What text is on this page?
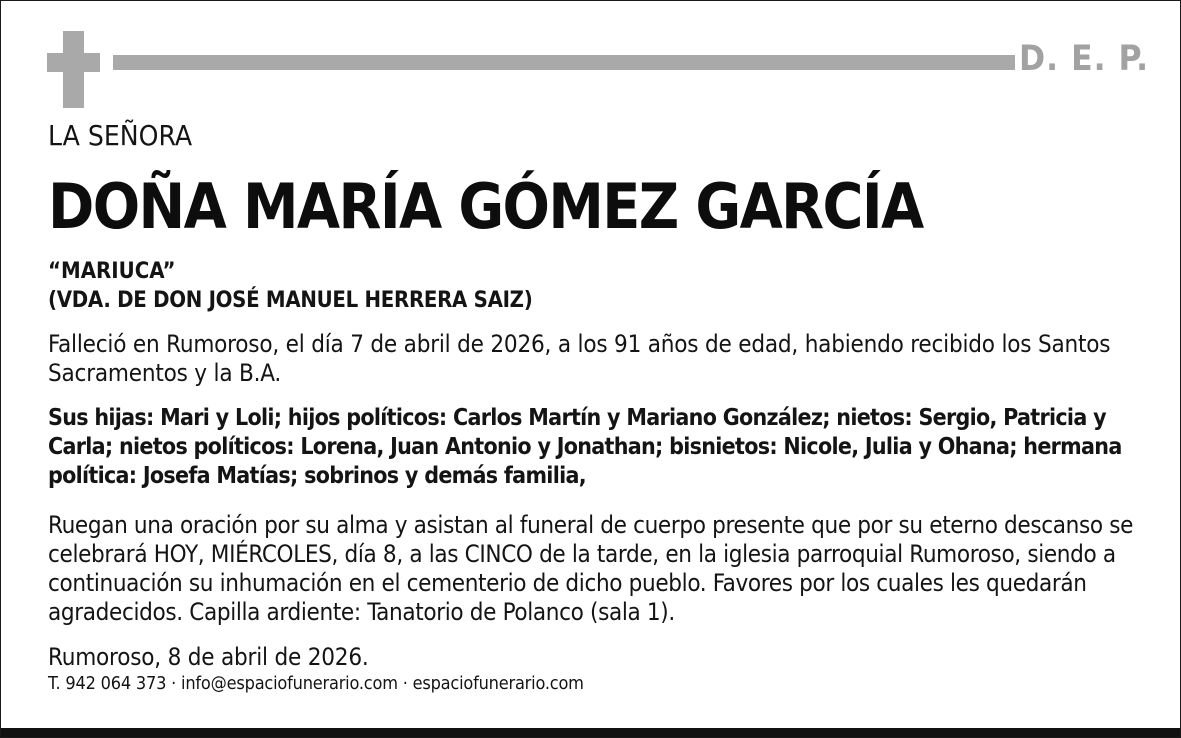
D. E. P.
LA SEÑORA
DOÑA MARÍA GÓMEZ GARCÍA
“MARIUCA”
(VDA. DE DON JOSÉ MANUEL HERRERA SAIZ)

Falleció en Rumoroso, el día 7 de abril de 2026, a los 91 años de edad, habiendo recibido los Santos Sacramentos y la B.A.

Sus hijas: Mari y Loli; hijos políticos: Carlos Martín y Mariano González; nietos: Sergio, Patricia y Carla; nietos políticos: Lorena, Juan Antonio y Jonathan; bisnietos: Nicole, Julia y Ohana; hermana política: Josefa Matías; sobrinos y demás familia,

Ruegan una oración por su alma y asistan al funeral de cuerpo presente que por su eterno descanso se celebrará HOY, MIÉRCOLES, día 8, a las CINCO de la tarde, en la iglesia parroquial Rumoroso, siendo a continuación su inhumación en el cementerio de dicho pueblo. Favores por los cuales les quedarán agradecidos. Capilla ardiente: Tanatorio de Polanco (sala 1).

Rumoroso, 8 de abril de 2026.
T. 942 064 373 · info@espaciofunerario.com · espaciofunerario.com
